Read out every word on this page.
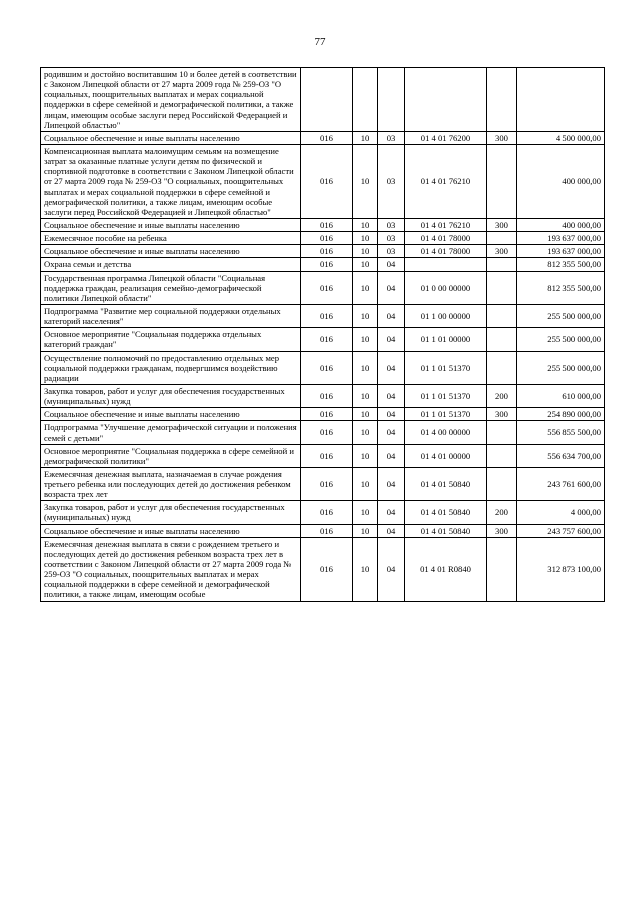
77
родившим и достойно воспитавшим 10 и более детей в соответствии с Законом Липецкой области от 27 марта 2009 года № 259-ОЗ "О социальных, поощрительных выплатах и мерах социальной поддержки в сфере семейной и демографической политики, а также лицам, имеющим особые заслуги перед Российской Федерацией и Липецкой областью"						
Социальное обеспечение и иные выплаты населению	016	10	03	01 4 01 76200	300	4 500 000,00
Компенсационная выплата малоимущим семьям на возмещение затрат за оказанные платные услуги детям по физической и спортивной подготовке в соответствии с Законом Липецкой области от 27 марта 2009 года № 259-ОЗ "О социальных, поощрительных выплатах и мерах социальной поддержки в сфере семейной и демографической политики, а также лицам, имеющим особые заслуги перед Российской Федерацией и Липецкой областью"	016	10	03	01 4 01 76210		400 000,00
Социальное обеспечение и иные выплаты населению	016	10	03	01 4 01 76210	300	400 000,00
Ежемесячное пособие на ребенка	016	10	03	01 4 01 78000		193 637 000,00
Социальное обеспечение и иные выплаты населению	016	10	03	01 4 01 78000	300	193 637 000,00
Охрана семьи и детства	016	10	04			812 355 500,00
Государственная программа Липецкой области "Социальная поддержка граждан, реализация семейно-демографической политики Липецкой области"	016	10	04	01 0 00 00000		812 355 500,00
Подпрограмма "Развитие мер социальной поддержки отдельных категорий населения"	016	10	04	01 1 00 00000		255 500 000,00
Основное мероприятие "Социальная поддержка отдельных категорий граждан"	016	10	04	01 1 01 00000		255 500 000,00
Осуществление полномочий по предоставлению отдельных мер социальной поддержки гражданам, подвергшимся воздействию радиации	016	10	04	01 1 01 51370		255 500 000,00
Закупка товаров, работ и услуг для обеспечения государственных (муниципальных) нужд	016	10	04	01 1 01 51370	200	610 000,00
Социальное обеспечение и иные выплаты населению	016	10	04	01 1 01 51370	300	254 890 000,00
Подпрограмма "Улучшение демографической ситуации и положения семей с детьми"	016	10	04	01 4 00 00000		556 855 500,00
Основное мероприятие "Социальная поддержка в сфере семейной и демографической политики"	016	10	04	01 4 01 00000		556 634 700,00
Ежемесячная денежная выплата, назначаемая в случае рождения третьего ребенка или последующих детей до достижения ребенком возраста трех лет	016	10	04	01 4 01 50840		243 761 600,00
Закупка товаров, работ и услуг для обеспечения государственных (муниципальных) нужд	016	10	04	01 4 01 50840	200	4 000,00
Социальное обеспечение и иные выплаты населению	016	10	04	01 4 01 50840	300	243 757 600,00
Ежемесячная денежная выплата в связи с рождением третьего и последующих детей до достижения ребенком возраста трех лет в соответствии с Законом Липецкой области от 27 марта 2009 года № 259-ОЗ "О социальных, поощрительных выплатах и мерах социальной поддержки в сфере семейной и демографической политики, а также лицам, имеющим особые	016	10	04	01 4 01 R0840		312 873 100,00
